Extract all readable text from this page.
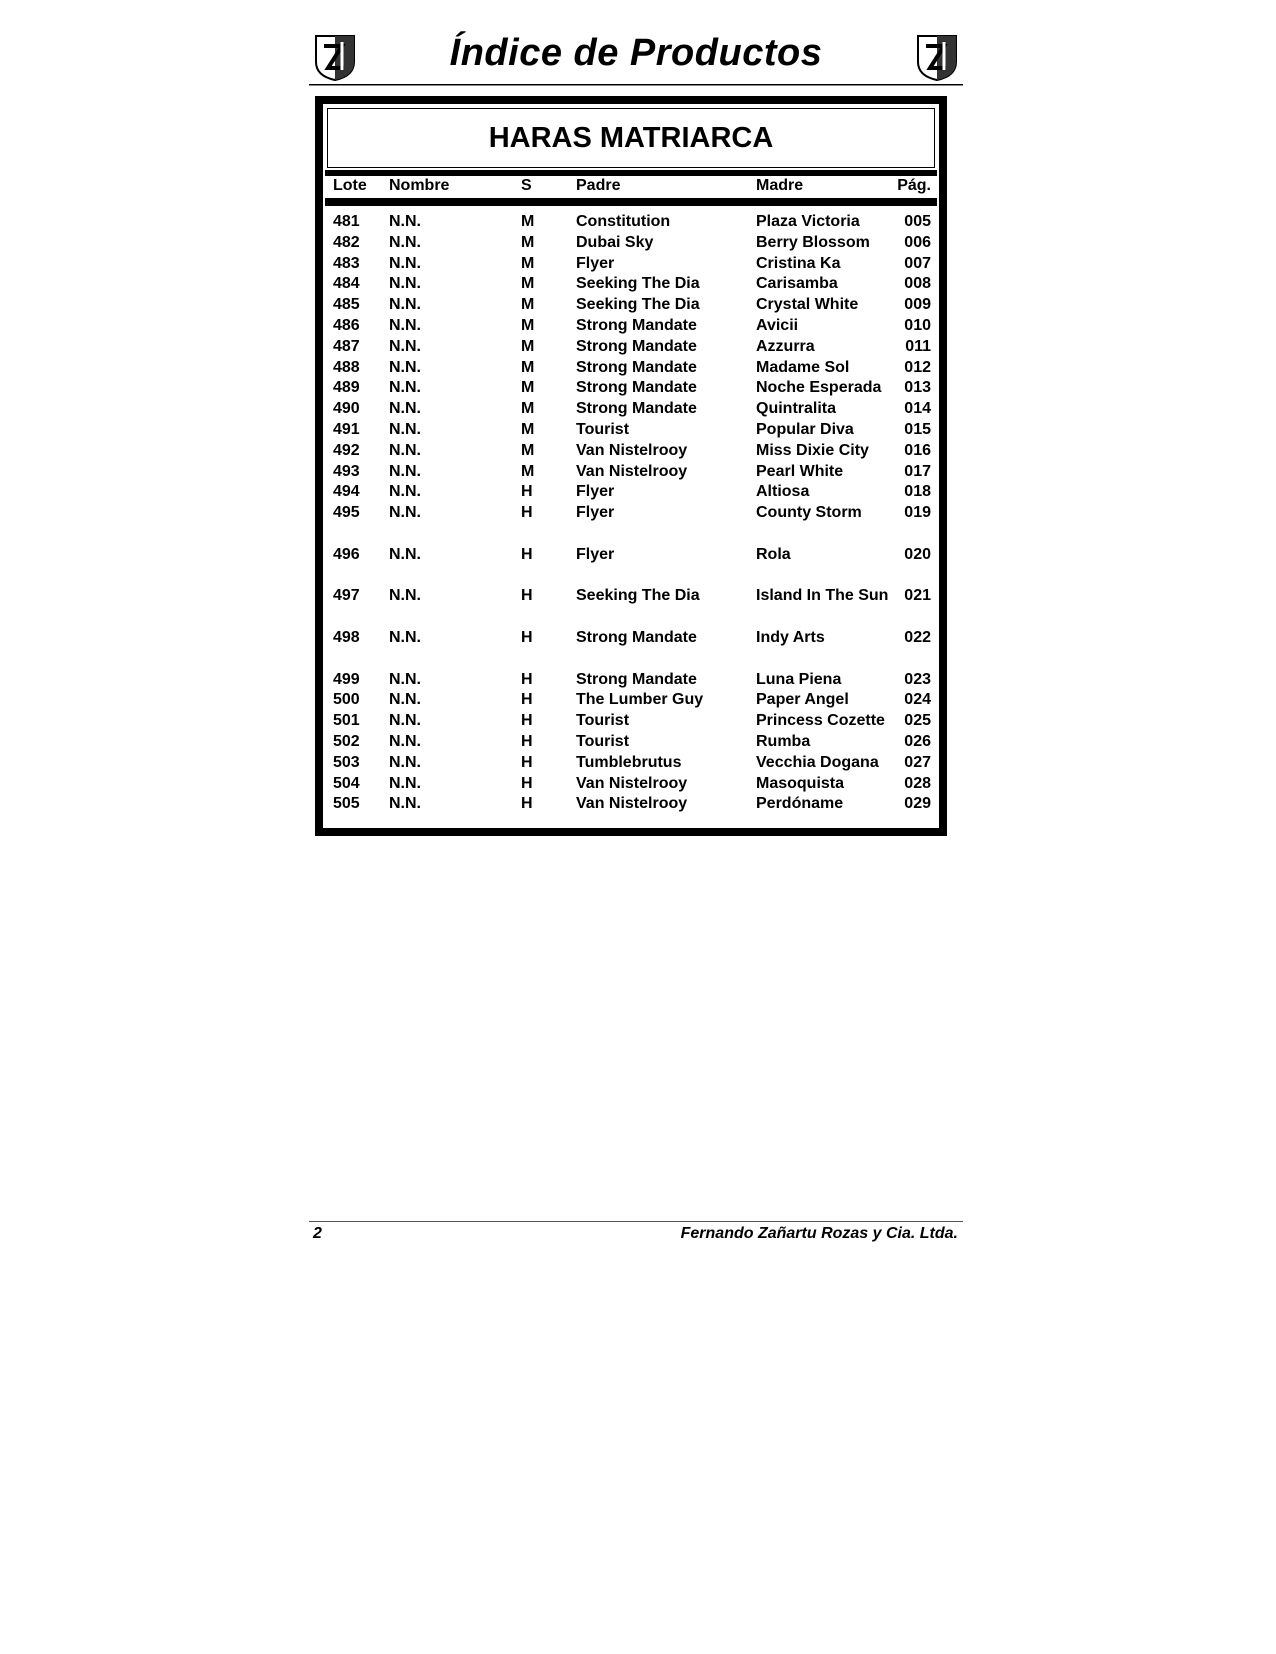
Índice de Productos
HARAS MATRIARCA
Lote Nombre	S	Padre	Madre	Pág.
481 N.N.	M	Constitution	Plaza Victoria	005
482 N.N.	M	Dubai Sky	Berry Blossom 006
483 N.N.	M	Flyer	Cristina Ka	007
484 N.N.	M	Seeking The Dia	Carisamba	008
485 N.N.	M	Seeking The Dia	Crystal White	009
486 N.N.	M	Strong Mandate	Avicii	010
487 N.N.	M	Strong Mandate	Azzurra	011
488 N.N.	M	Strong Mandate	Madame Sol	012
489 N.N.	M	Strong Mandate	Noche Esperada 013
490 N.N.	M	Strong Mandate	Quintralita	014
491 N.N.	M	Tourist	Popular Diva	015
492 N.N.	M	Van Nistelrooy	Miss Dixie City 016
493 N.N.	M	Van Nistelrooy	Pearl White	017
494 N.N.	H	Flyer	Altiosa	018
495 N.N.	H	Flyer	County Storm	019
496 N.N.	H	Flyer	Rola	020
497 N.N.	H	Seeking The Dia	Island In The Sun 021
498 N.N.	H	Strong Mandate	Indy Arts	022
499 N.N.	H	Strong Mandate	Luna Piena	023
500 N.N.	H	The Lumber Guy	Paper Angel	024
501 N.N.	H	Tourist	Princess Cozette 025
502 N.N.	H	Tourist	Rumba	026
503 N.N.	H	Tumblebrutus	Vecchia Dogana 027
504 N.N.	H	Van Nistelrooy	Masoquista	028
505 N.N.	H	Van Nistelrooy	Perdóname	029
2	Fernando Zañartu Rozas y Cia. Ltda.
